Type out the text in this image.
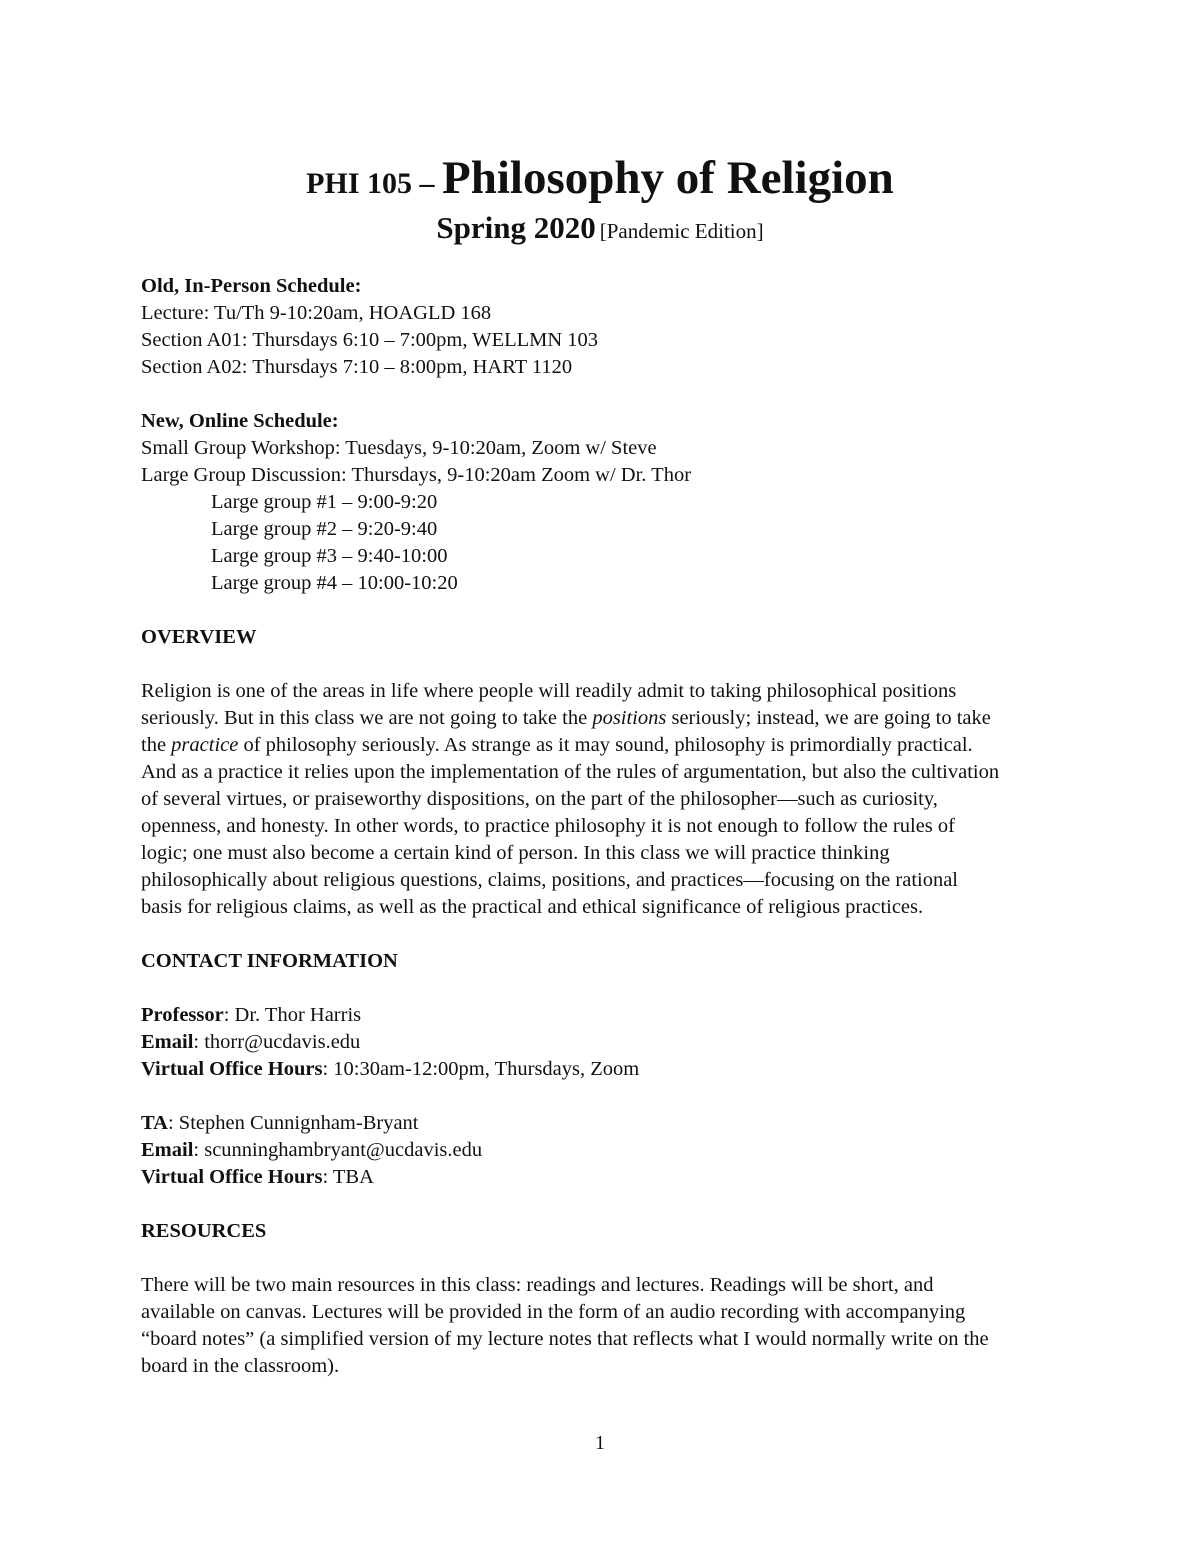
PHI 105 – Philosophy of Religion
Spring 2020 [Pandemic Edition]

Old, In-Person Schedule:

Lecture: Tu/Th 9-10:20am, HOAGLD 168

Section A01: Thursdays 6:10 – 7:00pm, WELLMN 103

Section A02: Thursdays 7:10 – 8:00pm, HART 1120

New, Online Schedule:

Small Group Workshop: Tuesdays, 9-10:20am, Zoom w/ Steve

Large Group Discussion: Thursdays, 9-10:20am Zoom w/ Dr. Thor

Large group #1 – 9:00-9:20

Large group #2 – 9:20-9:40

Large group #3 – 9:40-10:00

Large group #4 – 10:00-10:20

OVERVIEW

Religion is one of the areas in life where people will readily admit to taking philosophical positions

seriously. But in this class we are not going to take the positions seriously; instead, we are going to take

the practice of philosophy seriously. As strange as it may sound, philosophy is primordially practical.

And as a practice it relies upon the implementation of the rules of argumentation, but also the cultivation

of several virtues, or praiseworthy dispositions, on the part of the philosopher—such as curiosity,

openness, and honesty. In other words, to practice philosophy it is not enough to follow the rules of

logic; one must also become a certain kind of person. In this class we will practice thinking

philosophically about religious questions, claims, positions, and practices—focusing on the rational

basis for religious claims, as well as the practical and ethical significance of religious practices.

CONTACT INFORMATION

Professor: Dr. Thor Harris

Email: thorr@ucdavis.edu

Virtual Office Hours: 10:30am-12:00pm, Thursdays, Zoom

TA: Stephen Cunnignham-Bryant

Email: scunninghambryant@ucdavis.edu

Virtual Office Hours: TBA

RESOURCES

There will be two main resources in this class: readings and lectures. Readings will be short, and

available on canvas. Lectures will be provided in the form of an audio recording with accompanying

“board notes” (a simplified version of my lecture notes that reflects what I would normally write on the

board in the classroom).

1
